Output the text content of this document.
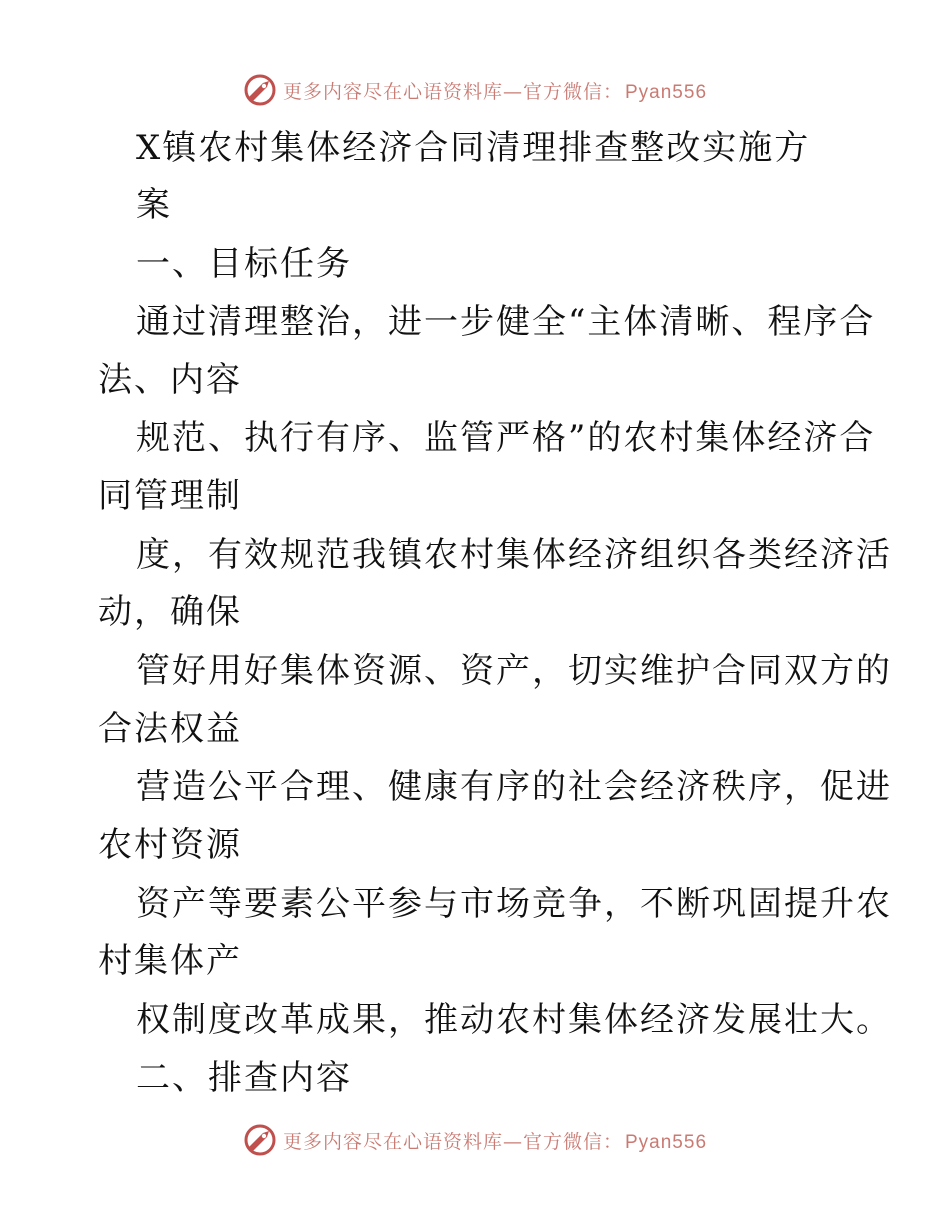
更多内容尽在心语资料库—官方微信： Pyan556
X镇农村集体经济合同清理排查整改实施方
案
一、目标任务
通过清理整治，进一步健全“主体清晰、程序合
法、内容
规范、执行有序、监管严格”的农村集体经济合
同管理制
度，有效规范我镇农村集体经济组织各类经济活
动，确保
管好用好集体资源、资产，切实维护合同双方的
合法权益
营造公平合理、健康有序的社会经济秩序，促进
农村资源
资产等要素公平参与市场竞争，不断巩固提升农
村集体产
权制度改革成果，推动农村集体经济发展壮大。
二、排查内容
更多内容尽在心语资料库—官方微信： Pyan556
